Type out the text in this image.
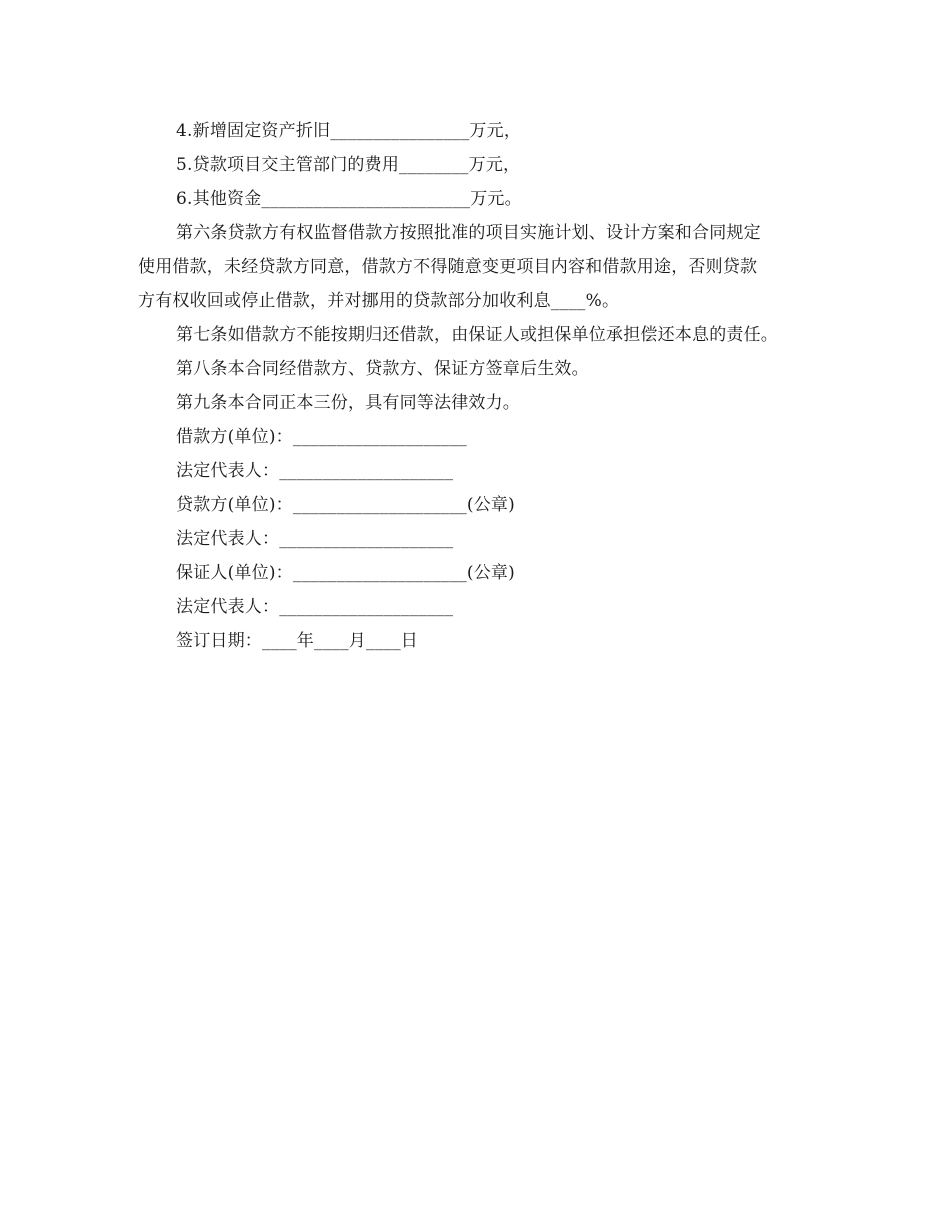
4.新增固定资产折旧________________万元，
5.贷款项目交主管部门的费用________万元，
6.其他资金________________________万元。
第六条贷款方有权监督借款方按照批准的项目实施计划、设计方案和合同规定
使用借款，未经贷款方同意，借款方不得随意变更项目内容和借款用途，否则贷款
方有权收回或停止借款，并对挪用的贷款部分加收利息____%。
第七条如借款方不能按期归还借款，由保证人或担保单位承担偿还本息的责任。
第八条本合同经借款方、贷款方、保证方签章后生效。
第九条本合同正本三份，具有同等法律效力。
借款方(单位)：____________________
法定代表人：____________________
贷款方(单位)：____________________(公章)
法定代表人：____________________
保证人(单位)：____________________(公章)
法定代表人：____________________
签订日期：____年____月____日
